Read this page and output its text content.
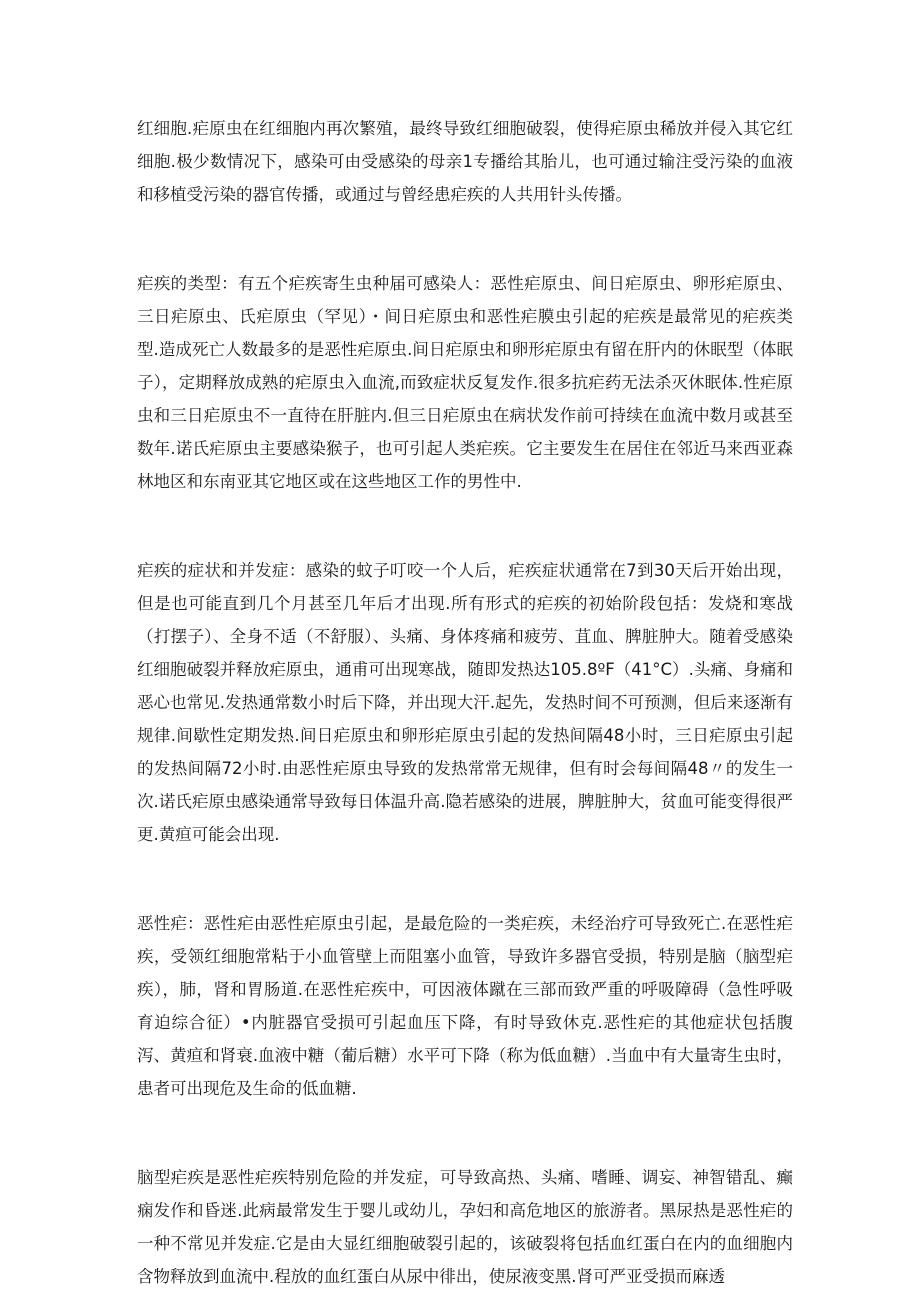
红细胞.疟原虫在红细胞内再次繁殖，最终导致红细胞破裂，使得疟原虫稀放并侵入其它红细胞.极少数情况下，感染可由受感染的母亲1专播给其胎儿，也可通过输注受污染的血液和移植受污染的器官传播，或通过与曾经患疟疾的人共用针头传播。

疟疾的类型：有五个疟疾寄生虫种届可感染人：恶性疟原虫、间日疟原虫、卵形疟原虫、三日疟原虫、氏疟原虫（罕见）・间日疟原虫和恶性疟膜虫引起的疟疾是最常见的疟疾类型.造成死亡人数最多的是恶性疟原虫.间日疟原虫和卵形疟原虫有留在肝内的休眠型（体眠子），定期释放成熟的疟原虫入血流,而致症状反复发作.很多抗疟药无法杀灭休眠体.性疟原虫和三日疟原虫不一直待在肝脏内.但三日疟原虫在病状发作前可持续在血流中数月或甚至数年.诺氏疟原虫主要感染猴子，也可引起人类疟疾。它主要发生在居住在邻近马来西亚森林地区和东南亚其它地区或在这些地区工作的男性中.

疟疾的症状和并发症：感染的蚊子叮咬一个人后，疟疾症状通常在7到30天后开始出现，但是也可能直到几个月甚至几年后才出现.所有形式的疟疾的初始阶段包括：发烧和寒战（打摆子）、全身不适（不舒服）、头痛、身体疼痛和疲劳、苴血、脾脏肿大。随着受感染红细胞破裂并释放疟原虫，通甫可出现寒战，随即发热达105.8ºF（41°C）.头痛、身痛和恶心也常见.发热通常数小时后下降，并出现大汗.起先，发热时间不可预测，但后来逐渐有规律.间歇性定期发热.间日疟原虫和卵形疟原虫引起的发热间隔48小时，三日疟原虫引起的发热间隔72小时.由恶性疟原虫导致的发热常常无规律，但有时会每间隔48〃的发生一次.诺氏疟原虫感染通常导致每日体温升高.隐若感染的进展，脾脏肿大，贫血可能变得很严更.黄疸可能会出现.

恶性疟：恶性疟由恶性疟原虫引起，是最危险的一类疟疾，未经治疗可导致死亡.在恶性疟疾，受领红细胞常粘于小血管壁上而阻塞小血管，导致许多器官受损，特别是脑（脑型疟疾），肺，肾和胃肠道.在恶性疟疾中，可因液体蹴在三部而致严重的呼吸障碍（急性呼吸育迫综合征）•内脏器官受损可引起血压下降，有时导致休克.恶性疟的其他症状包括腹泻、黄疸和肾衰.血液中糖（葡后糖）水平可下降（称为低血糖）.当血中有大量寄生虫时，患者可出现危及生命的低血糖.

脑型疟疾是恶性疟疾特别危险的并发症，可导致高热、头痛、嗜睡、调妄、神智错乱、癫痫发作和昏迷.此病最常发生于婴儿或幼儿，孕妇和高危地区的旅游者。黑尿热是恶性疟的一种不常见并发症.它是由大显红细胞破裂引起的，该破裂将包括血红蛋白在内的血细胞内含物释放到血流中.程放的血红蛋白从尿中徘出，使尿液变黑.肾可严亚受损而麻透
